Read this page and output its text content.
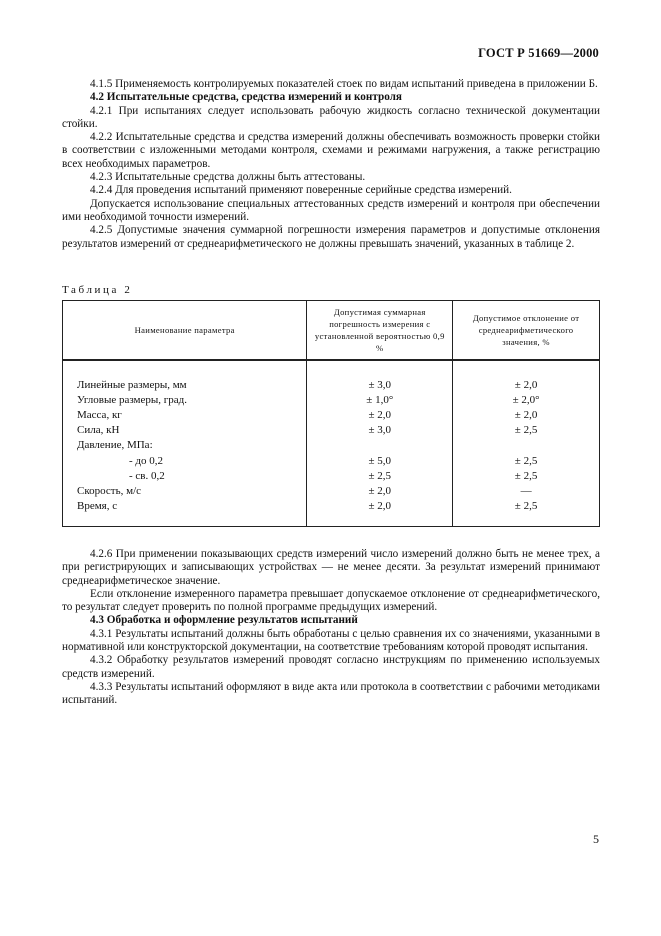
ГОСТ Р 51669—2000

4.1.5 Применяемость контролируемых показателей стоек по видам испытаний приведена в приложении Б.

4.2 Испытательные средства, средства измерений и контроля

4.2.1 При испытаниях следует использовать рабочую жидкость согласно технической документации стойки.

4.2.2 Испытательные средства и средства измерений должны обеспечивать возможность проверки стойки в соответствии с изложенными методами контроля, схемами и режимами нагружения, а также регистрацию всех необходимых параметров.

4.2.3 Испытательные средства должны быть аттестованы.

4.2.4 Для проведения испытаний применяют поверенные серийные средства измерений.

Допускается использование специальных аттестованных средств измерений и контроля при обеспечении ими необходимой точности измерений.

4.2.5 Допустимые значения суммарной погрешности измерения параметров и допустимые отклонения результатов измерений от среднеарифметического не должны превышать значений, указанных в таблице 2.

Таблица 2
Наименование параметра	Допустимая суммарная погрешность измерения с установленной вероятностью 0,9 %	Допустимое отклонение от среднеарифметического значения, %
Линейные размеры, мм	± 3,0	± 2,0
Угловые размеры, град.	± 1,0°	± 2,0°
Масса, кг	± 2,0	± 2,0
Сила, кН	± 3,0	± 2,5
Давление, МПа:		
- до 0,2	± 5,0	± 2,5
- св. 0,2	± 2,5	± 2,5
Скорость, м/с	± 2,0	—
Время, с	± 2,0	± 2,5

4.2.6 При применении показывающих средств измерений число измерений должно быть не менее трех, а при регистрирующих и записывающих устройствах — не менее десяти. За результат измерений принимают среднеарифметическое значение.

Если отклонение измеренного параметра превышает допускаемое отклонение от среднеарифметического, то результат следует проверить по полной программе предыдущих измерений.

4.3 Обработка и оформление результатов испытаний

4.3.1 Результаты испытаний должны быть обработаны с целью сравнения их со значениями, указанными в нормативной или конструкторской документации, на соответствие требованиям которой проводят испытания.

4.3.2 Обработку результатов измерений проводят согласно инструкциям по применению используемых средств измерений.

4.3.3 Результаты испытаний оформляют в виде акта или протокола в соответствии с рабочими методиками испытаний.

5
